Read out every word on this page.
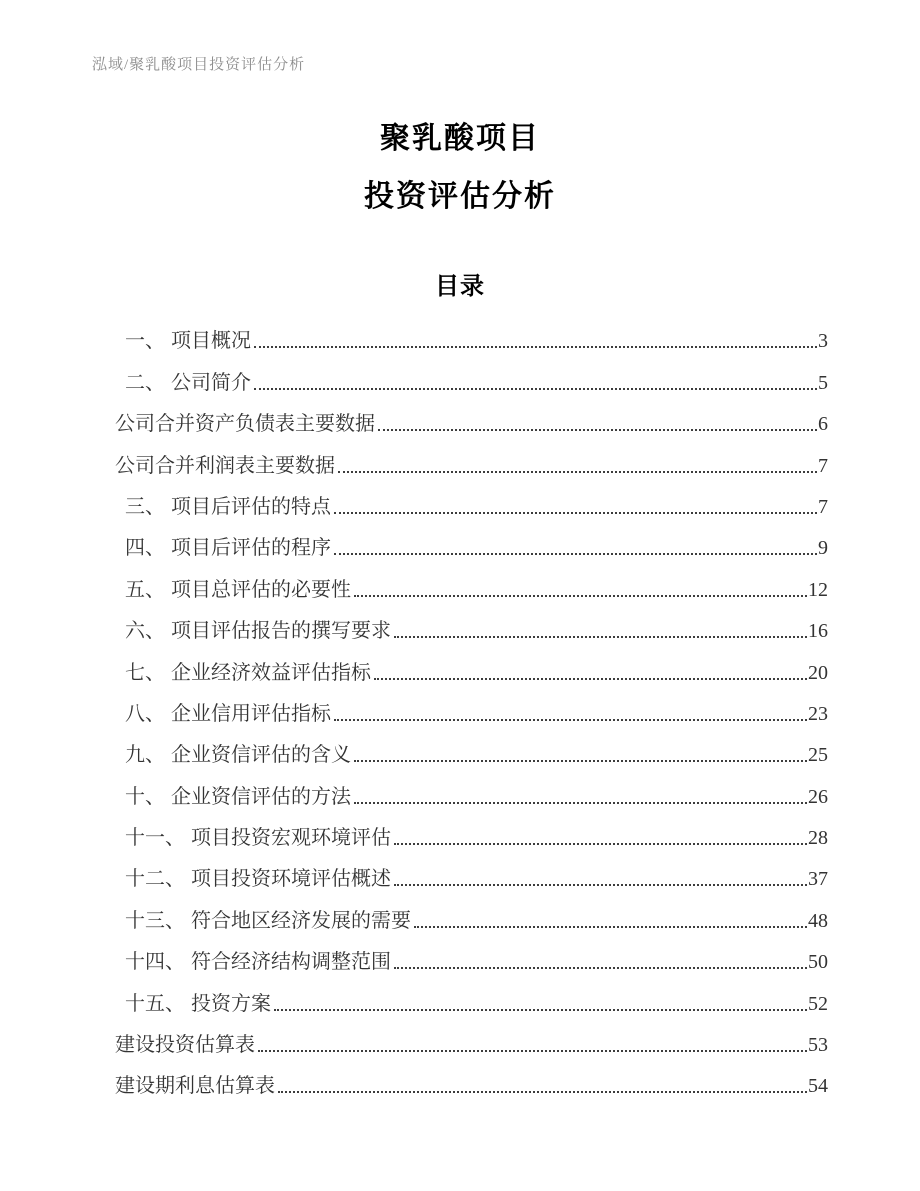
泓域/聚乳酸项目投资评估分析
聚乳酸项目
投资评估分析
目录
一、 项目概况	3
二、 公司简介	5
公司合并资产负债表主要数据	6
公司合并利润表主要数据	7
三、 项目后评估的特点	7
四、 项目后评估的程序	9
五、 项目总评估的必要性	12
六、 项目评估报告的撰写要求	16
七、 企业经济效益评估指标	20
八、 企业信用评估指标	23
九、 企业资信评估的含义	25
十、 企业资信评估的方法	26
十一、 项目投资宏观环境评估	28
十二、 项目投资环境评估概述	37
十三、 符合地区经济发展的需要	48
十四、 符合经济结构调整范围	50
十五、 投资方案	52
建设投资估算表	53
建设期利息估算表	54
